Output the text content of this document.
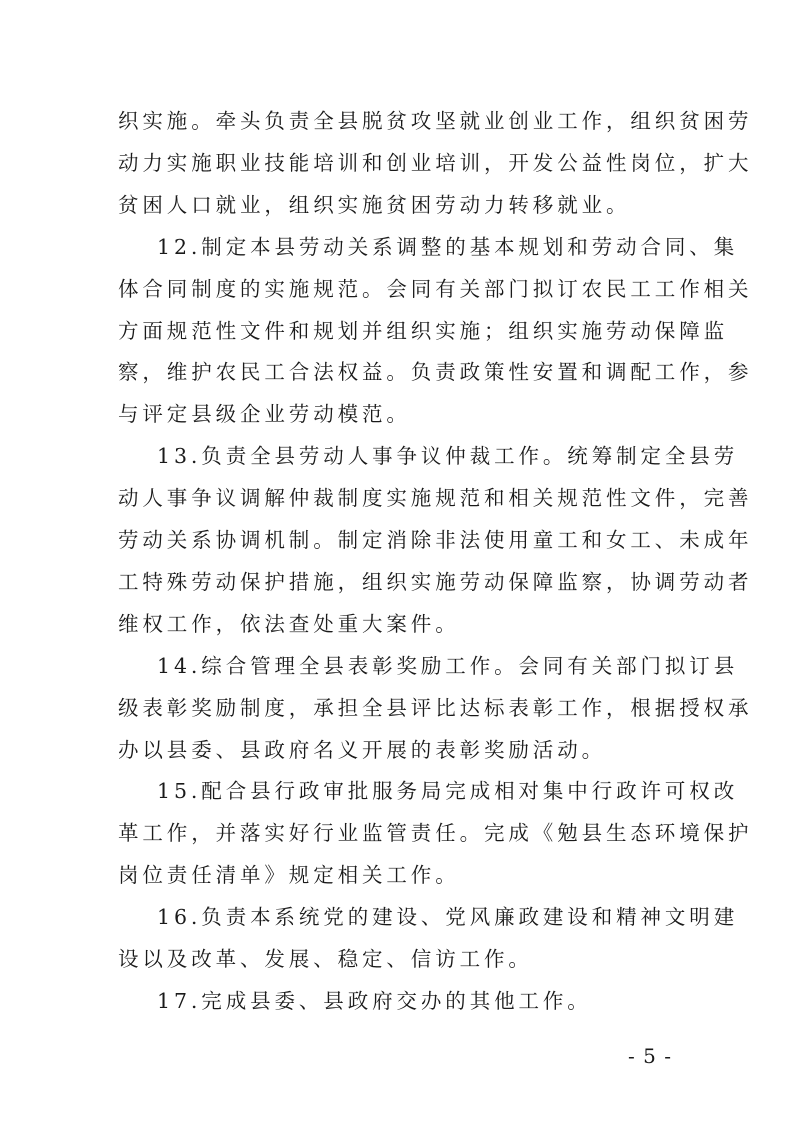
织实施。牵头负责全县脱贫攻坚就业创业工作，组织贫困劳
动力实施职业技能培训和创业培训，开发公益性岗位，扩大
贫困人口就业，组织实施贫困劳动力转移就业。
12.制定本县劳动关系调整的基本规划和劳动合同、集
体合同制度的实施规范。会同有关部门拟订农民工工作相关
方面规范性文件和规划并组织实施；组织实施劳动保障监
察，维护农民工合法权益。负责政策性安置和调配工作，参
与评定县级企业劳动模范。
13.负责全县劳动人事争议仲裁工作。统筹制定全县劳
动人事争议调解仲裁制度实施规范和相关规范性文件，完善
劳动关系协调机制。制定消除非法使用童工和女工、未成年
工特殊劳动保护措施，组织实施劳动保障监察，协调劳动者
维权工作，依法查处重大案件。
14.综合管理全县表彰奖励工作。会同有关部门拟订县
级表彰奖励制度，承担全县评比达标表彰工作，根据授权承
办以县委、县政府名义开展的表彰奖励活动。
15.配合县行政审批服务局完成相对集中行政许可权改
革工作，并落实好行业监管责任。完成《勉县生态环境保护
岗位责任清单》规定相关工作。
16.负责本系统党的建设、党风廉政建设和精神文明建
设以及改革、发展、稳定、信访工作。
17.完成县委、县政府交办的其他工作。
- 5 -
